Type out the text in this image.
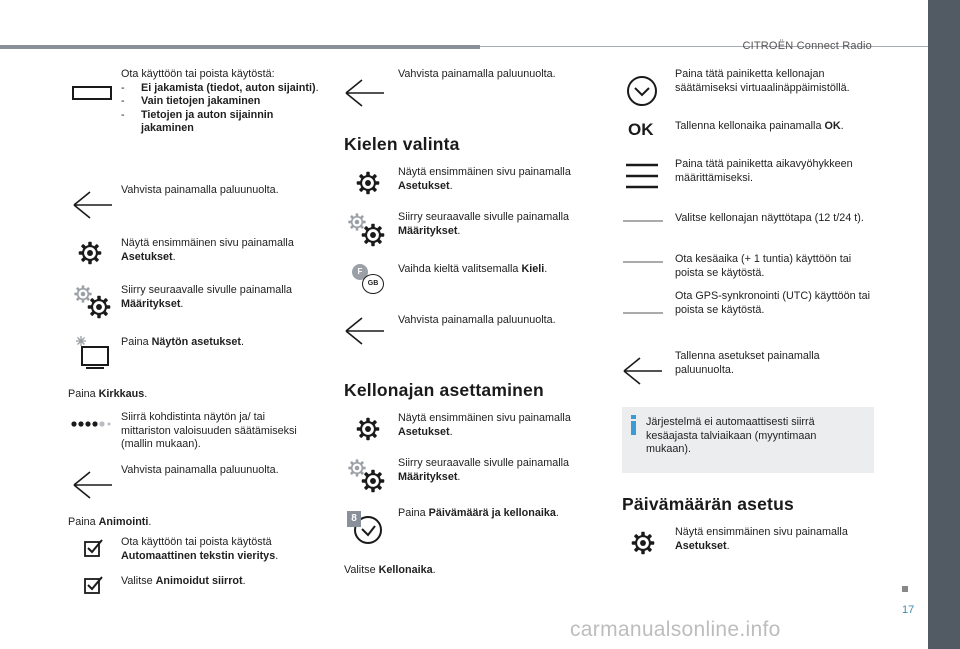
CITROËN Connect Radio
17
carmanualsonline.info
Ota käyttöön tai poista käytöstä:
-	Ei jakamista (tiedot, auton sijainti).
-	Vain tietojen jakaminen
-	Tietojen ja auton sijainnin jakaminen
Vahvista painamalla paluunuolta.
Näytä ensimmäinen sivu painamalla Asetukset.
Siirry seuraavalle sivulle painamalla Määritykset.
Paina Näytön asetukset.
Paina Kirkkaus.
Siirrä kohdistinta näytön ja/ tai mittariston valoisuuden säätämiseksi (mallin mukaan).
Vahvista painamalla paluunuolta.
Paina Animointi.
Ota käyttöön tai poista käytöstä Automaattinen tekstin vieritys.
Valitse Animoidut siirrot.
Vahvista painamalla paluunuolta.
Kielen valinta
Näytä ensimmäinen sivu painamalla Asetukset.
Siirry seuraavalle sivulle painamalla Määritykset.
F
GB
Vaihda kieltä valitsemalla Kieli.
Vahvista painamalla paluunuolta.
Kellonajan asettaminen
Näytä ensimmäinen sivu painamalla Asetukset.
Siirry seuraavalle sivulle painamalla Määritykset.
8	Paina Päivämäärä ja kellonaika.
Valitse Kellonaika.
Paina tätä painiketta kellonajan säätämiseksi virtuaalinäppäimistöllä.
OK Tallenna kellonaika painamalla OK.
Paina tätä painiketta aikavyöhykkeen määrittämiseksi.
Valitse kellonajan näyttötapa (12 t/24 t).
Ota kesäaika (+ 1 tuntia) käyttöön tai poista se käytöstä.
Ota GPS-synkronointi (UTC) käyttöön tai poista se käytöstä.
Tallenna asetukset painamalla paluunuolta.
Järjestelmä ei automaattisesti siirrä kesäajasta talviaikaan (myyntimaan mukaan).
Päivämäärän asetus
Näytä ensimmäinen sivu painamalla Asetukset.
